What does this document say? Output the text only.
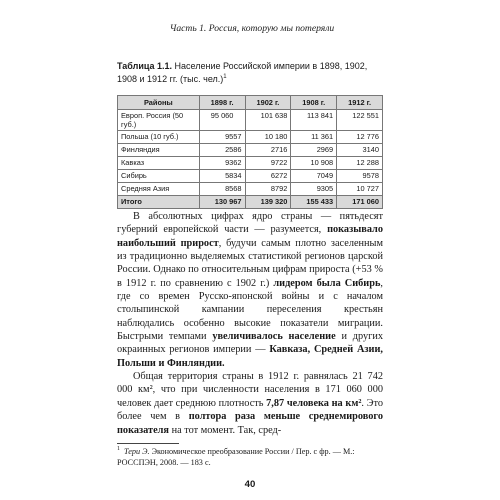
Часть 1. Россия, которую мы потеряли
Таблица 1.1. Население Российской империи в 1898, 1902, 1908 и 1912 гг. (тыс. чел.)$^1$
Районы	1898 г.	1902 г.	1908 г.	1912 г.
Европ. Россия (50 губ.)	95 060	101 638	113 841	122 551
Польша (10 губ.)	9557	10 180	11 361	12 776
Финляндия	2586	2716	2969	3140
Кавказ	9362	9722	10 908	12 288
Сибирь	5834	6272	7049	9578
Средняя Азия	8568	8792	9305	10 727
Итого	130 967	139 320	155 433	171 060

В абсолютных цифрах ядро страны — пятьдесят губерний европейской части — разумеется, показывало наибольший прирост, будучи самым плотно заселенным из традиционно выделяемых статистикой регионов царской России. Однако по относительным цифрам прироста (+53 % в 1912 г. по сравнению с 1902 г.) лидером была Сибирь, где со времен Русско-японской войны и с началом столыпинской кампании переселения крестьян наблюдались особенно высокие показатели миграции. Быстрыми темпами увеличивалось население и других окраинных регионов империи — Кавказа, Средней Азии, Польши и Финляндии.

Общая территория страны в 1912 г. равнялась 21 742 000 км², что при численности населения в 171 060 000 человек дает среднюю плотность 7,87 человека на км². Это более чем в полтора раза меньше среднемирового показателя на тот момент. Так, сред-

$^1$ Тери Э. Экономическое преобразование России / Пер. с фр. — М.: РОССПЭН, 2008. — 183 с.
40
